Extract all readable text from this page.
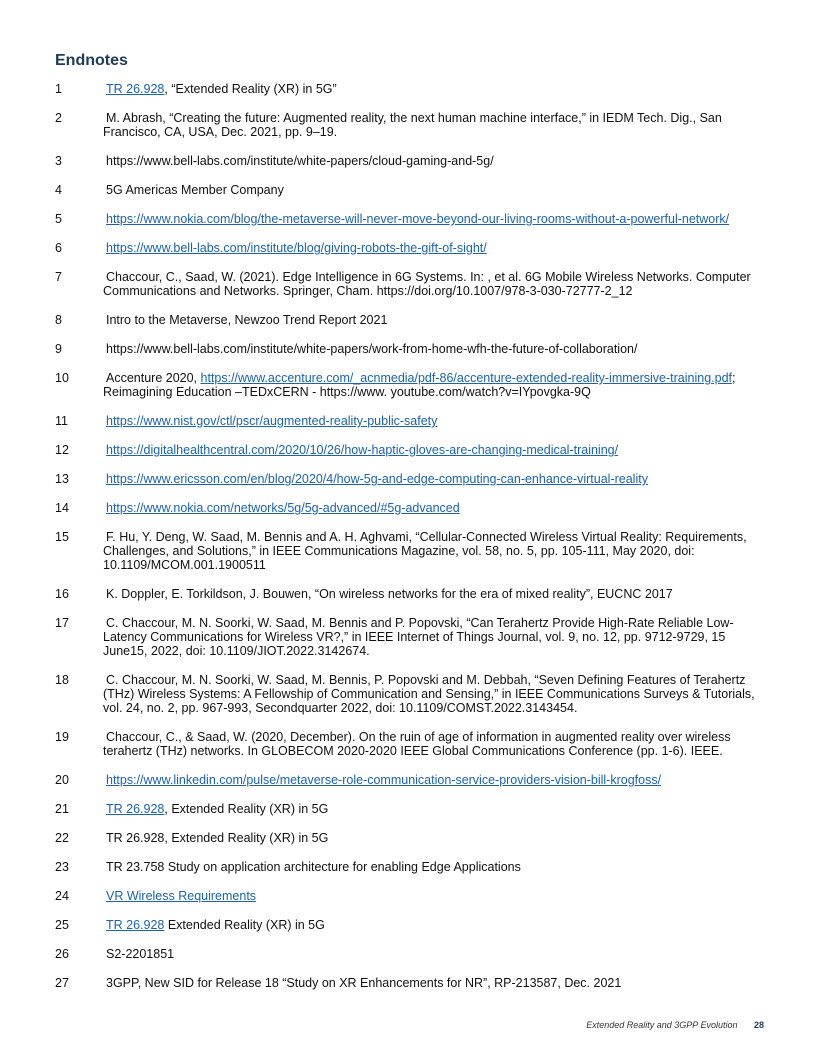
Endnotes
1	TR 26.928, “Extended Reality (XR) in 5G”
2	M. Abrash, “Creating the future: Augmented reality, the next human machine interface,” in IEDM Tech. Dig., San Francisco, CA, USA, Dec. 2021, pp. 9–19.
3	https://www.bell-labs.com/institute/white-papers/cloud-gaming-and-5g/
4	5G Americas Member Company
5	https://www.nokia.com/blog/the-metaverse-will-never-move-beyond-our-living-rooms-without-a-powerful-network/
6	https://www.bell-labs.com/institute/blog/giving-robots-the-gift-of-sight/
7	Chaccour, C., Saad, W. (2021). Edge Intelligence in 6G Systems. In: , et al. 6G Mobile Wireless Networks. Computer Communications and Networks. Springer, Cham. https://doi.org/10.1007/978-3-030-72777-2_12
8	Intro to the Metaverse, Newzoo Trend Report 2021
9	https://www.bell-labs.com/institute/white-papers/work-from-home-wfh-the-future-of-collaboration/
10	Accenture 2020, https://www.accenture.com/_acnmedia/pdf-86/accenture-extended-reality-immersive-training.pdf; Reimagining Education –TEDxCERN - https://www. youtube.com/watch?v=IYpovgka-9Q
11	https://www.nist.gov/ctl/pscr/augmented-reality-public-safety
12	https://digitalhealthcentral.com/2020/10/26/how-haptic-gloves-are-changing-medical-training/
13	https://www.ericsson.com/en/blog/2020/4/how-5g-and-edge-computing-can-enhance-virtual-reality
14	https://www.nokia.com/networks/5g/5g-advanced/#5g-advanced
15	F. Hu, Y. Deng, W. Saad, M. Bennis and A. H. Aghvami, “Cellular-Connected Wireless Virtual Reality: Requirements, Challenges, and Solutions,” in IEEE Communications Magazine, vol. 58, no. 5, pp. 105-111, May 2020, doi: 10.1109/MCOM.001.1900511
16	K. Doppler, E. Torkildson, J. Bouwen, “On wireless networks for the era of mixed reality”, EUCNC 2017
17	C. Chaccour, M. N. Soorki, W. Saad, M. Bennis and P. Popovski, “Can Terahertz Provide High-Rate Reliable Low-Latency Communications for Wireless VR?,” in IEEE Internet of Things Journal, vol. 9, no. 12, pp. 9712-9729, 15 June15, 2022, doi: 10.1109/JIOT.2022.3142674.
18	C. Chaccour, M. N. Soorki, W. Saad, M. Bennis, P. Popovski and M. Debbah, “Seven Defining Features of Terahertz (THz) Wireless Systems: A Fellowship of Communication and Sensing,” in IEEE Communications Surveys & Tutorials, vol. 24, no. 2, pp. 967-993, Secondquarter 2022, doi: 10.1109/COMST.2022.3143454.
19	Chaccour, C., & Saad, W. (2020, December). On the ruin of age of information in augmented reality over wireless terahertz (THz) networks. In GLOBECOM 2020-2020 IEEE Global Communications Conference (pp. 1-6). IEEE.
20	https://www.linkedin.com/pulse/metaverse-role-communication-service-providers-vision-bill-krogfoss/
21	TR 26.928, Extended Reality (XR) in 5G
22	TR 26.928, Extended Reality (XR) in 5G
23	TR 23.758 Study on application architecture for enabling Edge Applications
24	VR Wireless Requirements
25	TR 26.928 Extended Reality (XR) in 5G
26	S2-2201851
27	3GPP, New SID for Release 18 “Study on XR Enhancements for NR”, RP-213587, Dec. 2021
Extended Reality and 3GPP Evolution 28
